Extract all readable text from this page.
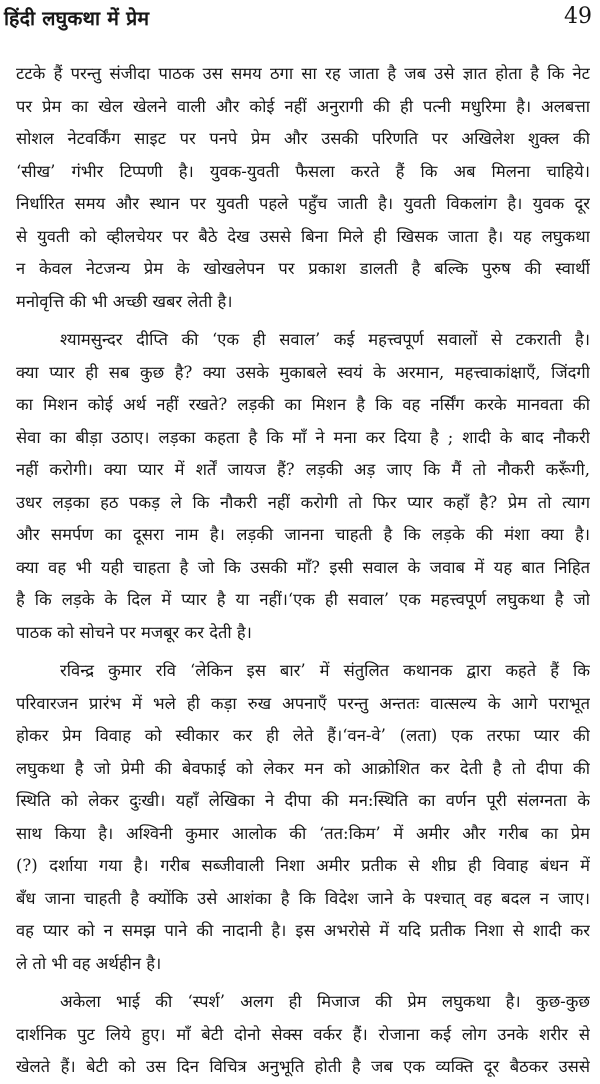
हिंदी लघुकथा में प्रेम	49
टटके हैं परन्तु संजीदा पाठक उस समय ठगा सा रह जाता है जब उसे ज्ञात होता है कि नेट
पर प्रेम का खेल खेलने वाली और कोई नहीं अनुरागी की ही पत्नी मधुरिमा है। अलबत्ता
सोशल नेटवर्किंग साइट पर पनपे प्रेम और उसकी परिणति पर अखिलेश शुक्ल की
‘सीख’ गंभीर टिप्पणी है। युवक-युवती फैसला करते हैं कि अब मिलना चाहिये।
निर्धारित समय और स्थान पर युवती पहले पहुँच जाती है। युवती विकलांग है। युवक दूर
से युवती को व्हीलचेयर पर बैठे देख उससे बिना मिले ही खिसक जाता है। यह लघुकथा
न केवल नेटजन्य प्रेम के खोखलेपन पर प्रकाश डालती है बल्कि पुरुष की स्वार्थी
मनोवृत्ति की भी अच्छी खबर लेती है।
श्यामसुन्दर दीप्ति की ‘एक ही सवाल’ कई महत्त्वपूर्ण सवालों से टकराती है।
क्या प्यार ही सब कुछ है? क्या उसके मुकाबले स्वयं के अरमान, महत्त्वाकांक्षाएँ, जिंदगी
का मिशन कोई अर्थ नहीं रखते? लड़की का मिशन है कि वह नर्सिंग करके मानवता की
सेवा का बीड़ा उठाए। लड़का कहता है कि माँ ने मना कर दिया है ; शादी के बाद नौकरी
नहीं करोगी। क्या प्यार में शर्तें जायज हैं? लड़की अड़ जाए कि मैं तो नौकरी करूँगी,
उधर लड़का हठ पकड़ ले कि नौकरी नहीं करोगी तो फिर प्यार कहाँ है? प्रेम तो त्याग
और समर्पण का दूसरा नाम है। लड़की जानना चाहती है कि लड़के की मंशा क्या है।
क्या वह भी यही चाहता है जो कि उसकी माँ? इसी सवाल के जवाब में यह बात निहित
है कि लड़के के दिल में प्यार है या नहीं।‘एक ही सवाल’ एक महत्त्वपूर्ण लघुकथा है जो
पाठक को सोचने पर मजबूर कर देती है।
रविन्द्र कुमार रवि ‘लेकिन इस बार’ में संतुलित कथानक द्वारा कहते हैं कि
परिवारजन प्रारंभ में भले ही कड़ा रुख अपनाएँ परन्तु अन्ततः वात्सल्य के आगे पराभूत
होकर प्रेम विवाह को स्वीकार कर ही लेते हैं।‘वन-वे’ (लता) एक तरफा प्यार की
लघुकथा है जो प्रेमी की बेवफाई को लेकर मन को आक्रोशित कर देती है तो दीपा की
स्थिति को लेकर दुःखी। यहाँ लेखिका ने दीपा की मन:स्थिति का वर्णन पूरी संलग्नता के
साथ किया है। अश्विनी कुमार आलोक की ‘तत:किम’ में अमीर और गरीब का प्रेम
(?) दर्शाया गया है। गरीब सब्जीवाली निशा अमीर प्रतीक से शीघ्र ही विवाह बंधन में
बँध जाना चाहती है क्योंकि उसे आशंका है कि विदेश जाने के पश्चात् वह बदल न जाए।
वह प्यार को न समझ पाने की नादानी है। इस अभरोसे में यदि प्रतीक निशा से शादी कर
ले तो भी वह अर्थहीन है।
अकेला भाई की ‘स्पर्श’ अलग ही मिजाज की प्रेम लघुकथा है। कुछ-कुछ
दार्शनिक पुट लिये हुए। माँ बेटी दोनो सेक्स वर्कर हैं। रोजाना कई लोग उनके शरीर से
खेलते हैं। बेटी को उस दिन विचित्र अनुभूति होती है जब एक व्यक्ति दूर बैठकर उससे
